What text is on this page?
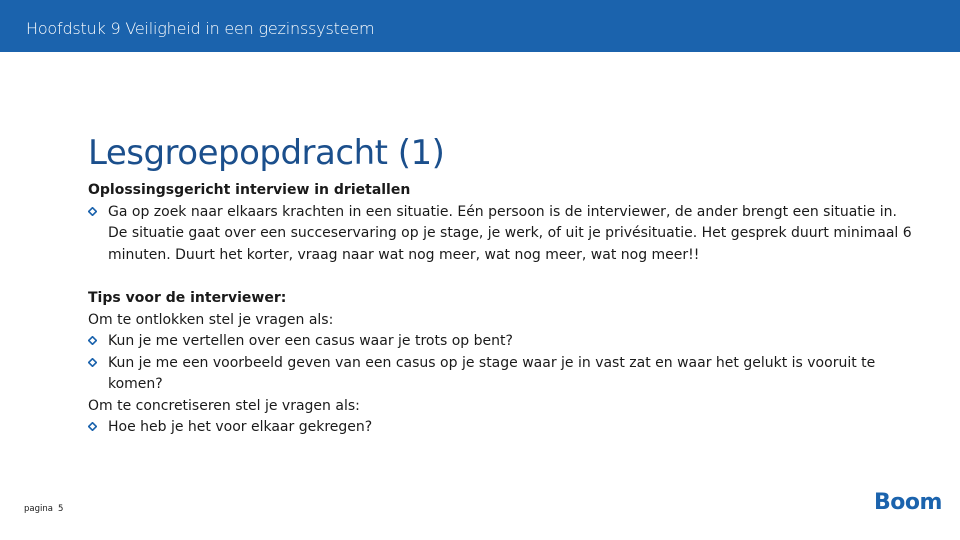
Hoofdstuk 9 Veiligheid in een gezinssysteem
Lesgroepopdracht (1)

Oplossingsgericht interview in drietallen

Ga op zoek naar elkaars krachten in een situatie. Eén persoon is de interviewer, de ander brengt een situatie in. De situatie gaat over een succeservaring op je stage, je werk, of uit je privésituatie. Het gesprek duurt minimaal 6 minuten. Duurt het korter, vraag naar wat nog meer, wat nog meer, wat nog meer!!

Tips voor de interviewer:

Om te ontlokken stel je vragen als:

Kun je me vertellen over een casus waar je trots op bent?
Kun je me een voorbeeld geven van een casus op je stage waar je in vast zat en waar het gelukt is vooruit te komen?

Om te concretiseren stel je vragen als:

Hoe heb je het voor elkaar gekregen?
pagina 5	Boom
